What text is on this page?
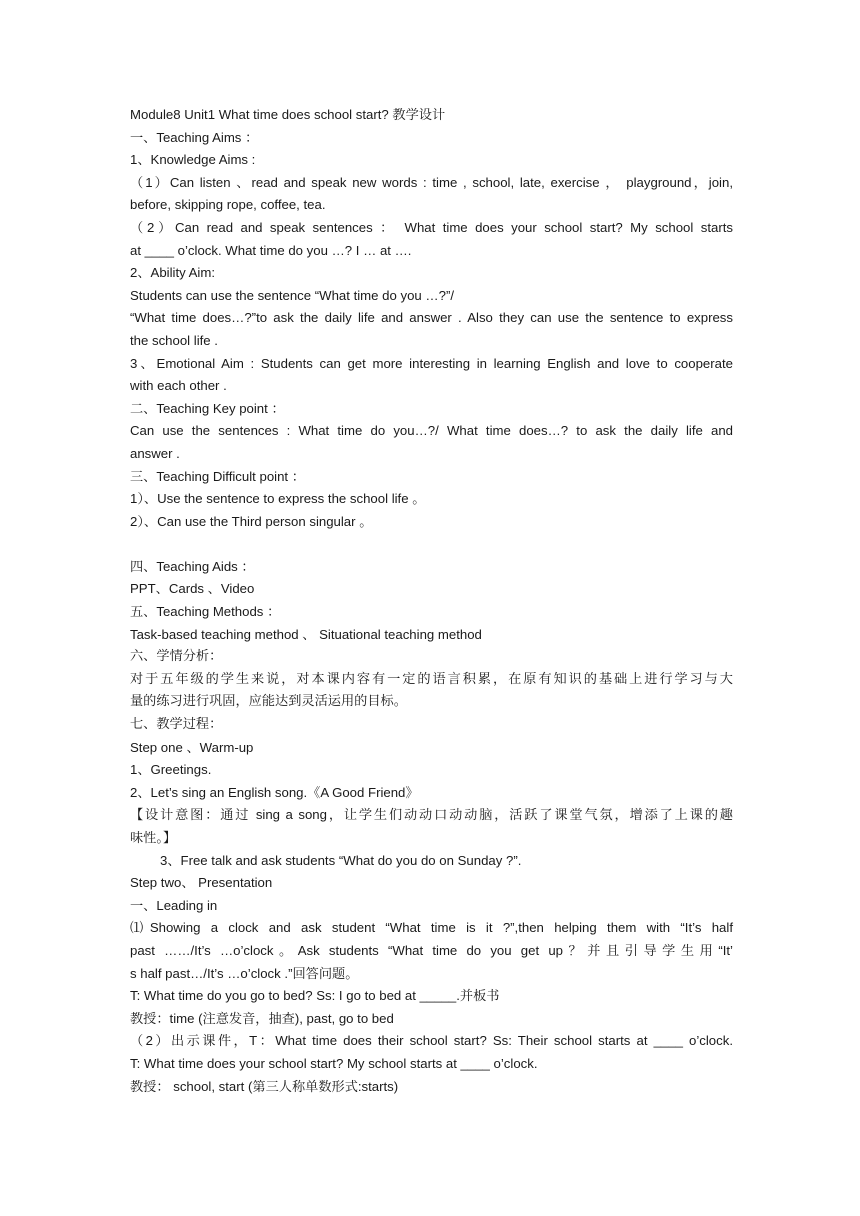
Module8 Unit1 What time does school start? 教学设计
一、Teaching Aims ：
1、Knowledge Aims :
（1）Can listen 、read and speak new words : time , school, late, exercise ， playground，join,
before, skipping rope, coffee, tea.
（2）Can read and speak sentences ： What time does your school start? My school starts
at ____ o’clock. What time do you …? I … at ….
2、Ability Aim:
Students can use the sentence “What time do you …?”/
“What time does…?”to ask the daily life and answer . Also they can use the sentence to express
the school life .
3、Emotional Aim : Students can get more interesting in learning English and love to cooperate
with each other .
二、Teaching Key point ：
Can use the sentences : What time do you…?/ What time does…? to ask the daily life and
answer .
三、Teaching Difficult point ：
1）、Use the sentence to express the school life 。
2）、Can use the Third person singular 。
四、Teaching Aids ：
PPT、Cards 、Video
五、Teaching Methods ：
Task-based teaching method 、 Situational teaching method
六、学情分析：
对于五年级的学生来说，对本课内容有一定的语言积累，在原有知识的基础上进行学习与大
量的练习进行巩固，应能达到灵活运用的目标。
七、教学过程：
Step one 、Warm-up
1、Greetings.
2、Let’s sing an English song.《A Good Friend》
【设计意图：通过 sing a song，让学生们动动口动动脑，活跃了课堂气氛，增添了上课的趣
味性。】
3、Free talk and ask students “What do you do on Sunday ?”.
Step two、 Presentation
一、Leading in
⑴Showing a clock and ask student “What time is it ?”,then helping them with “It’s half
past ……/It’s …o’clock。Ask students “What time do you get up？并且引导学生用“It’
s half past…/It’s …o’clock .”回答问题。
T: What time do you go to bed? Ss: I go to bed at _____.并板书
教授：time (注意发音，抽查), past, go to bed
（2）出示课件，T：What time does their school start? Ss: Their school starts at ____ o’clock.
T: What time does your school start? My school starts at ____ o’clock.
教授： school, start (第三人称单数形式:starts)
